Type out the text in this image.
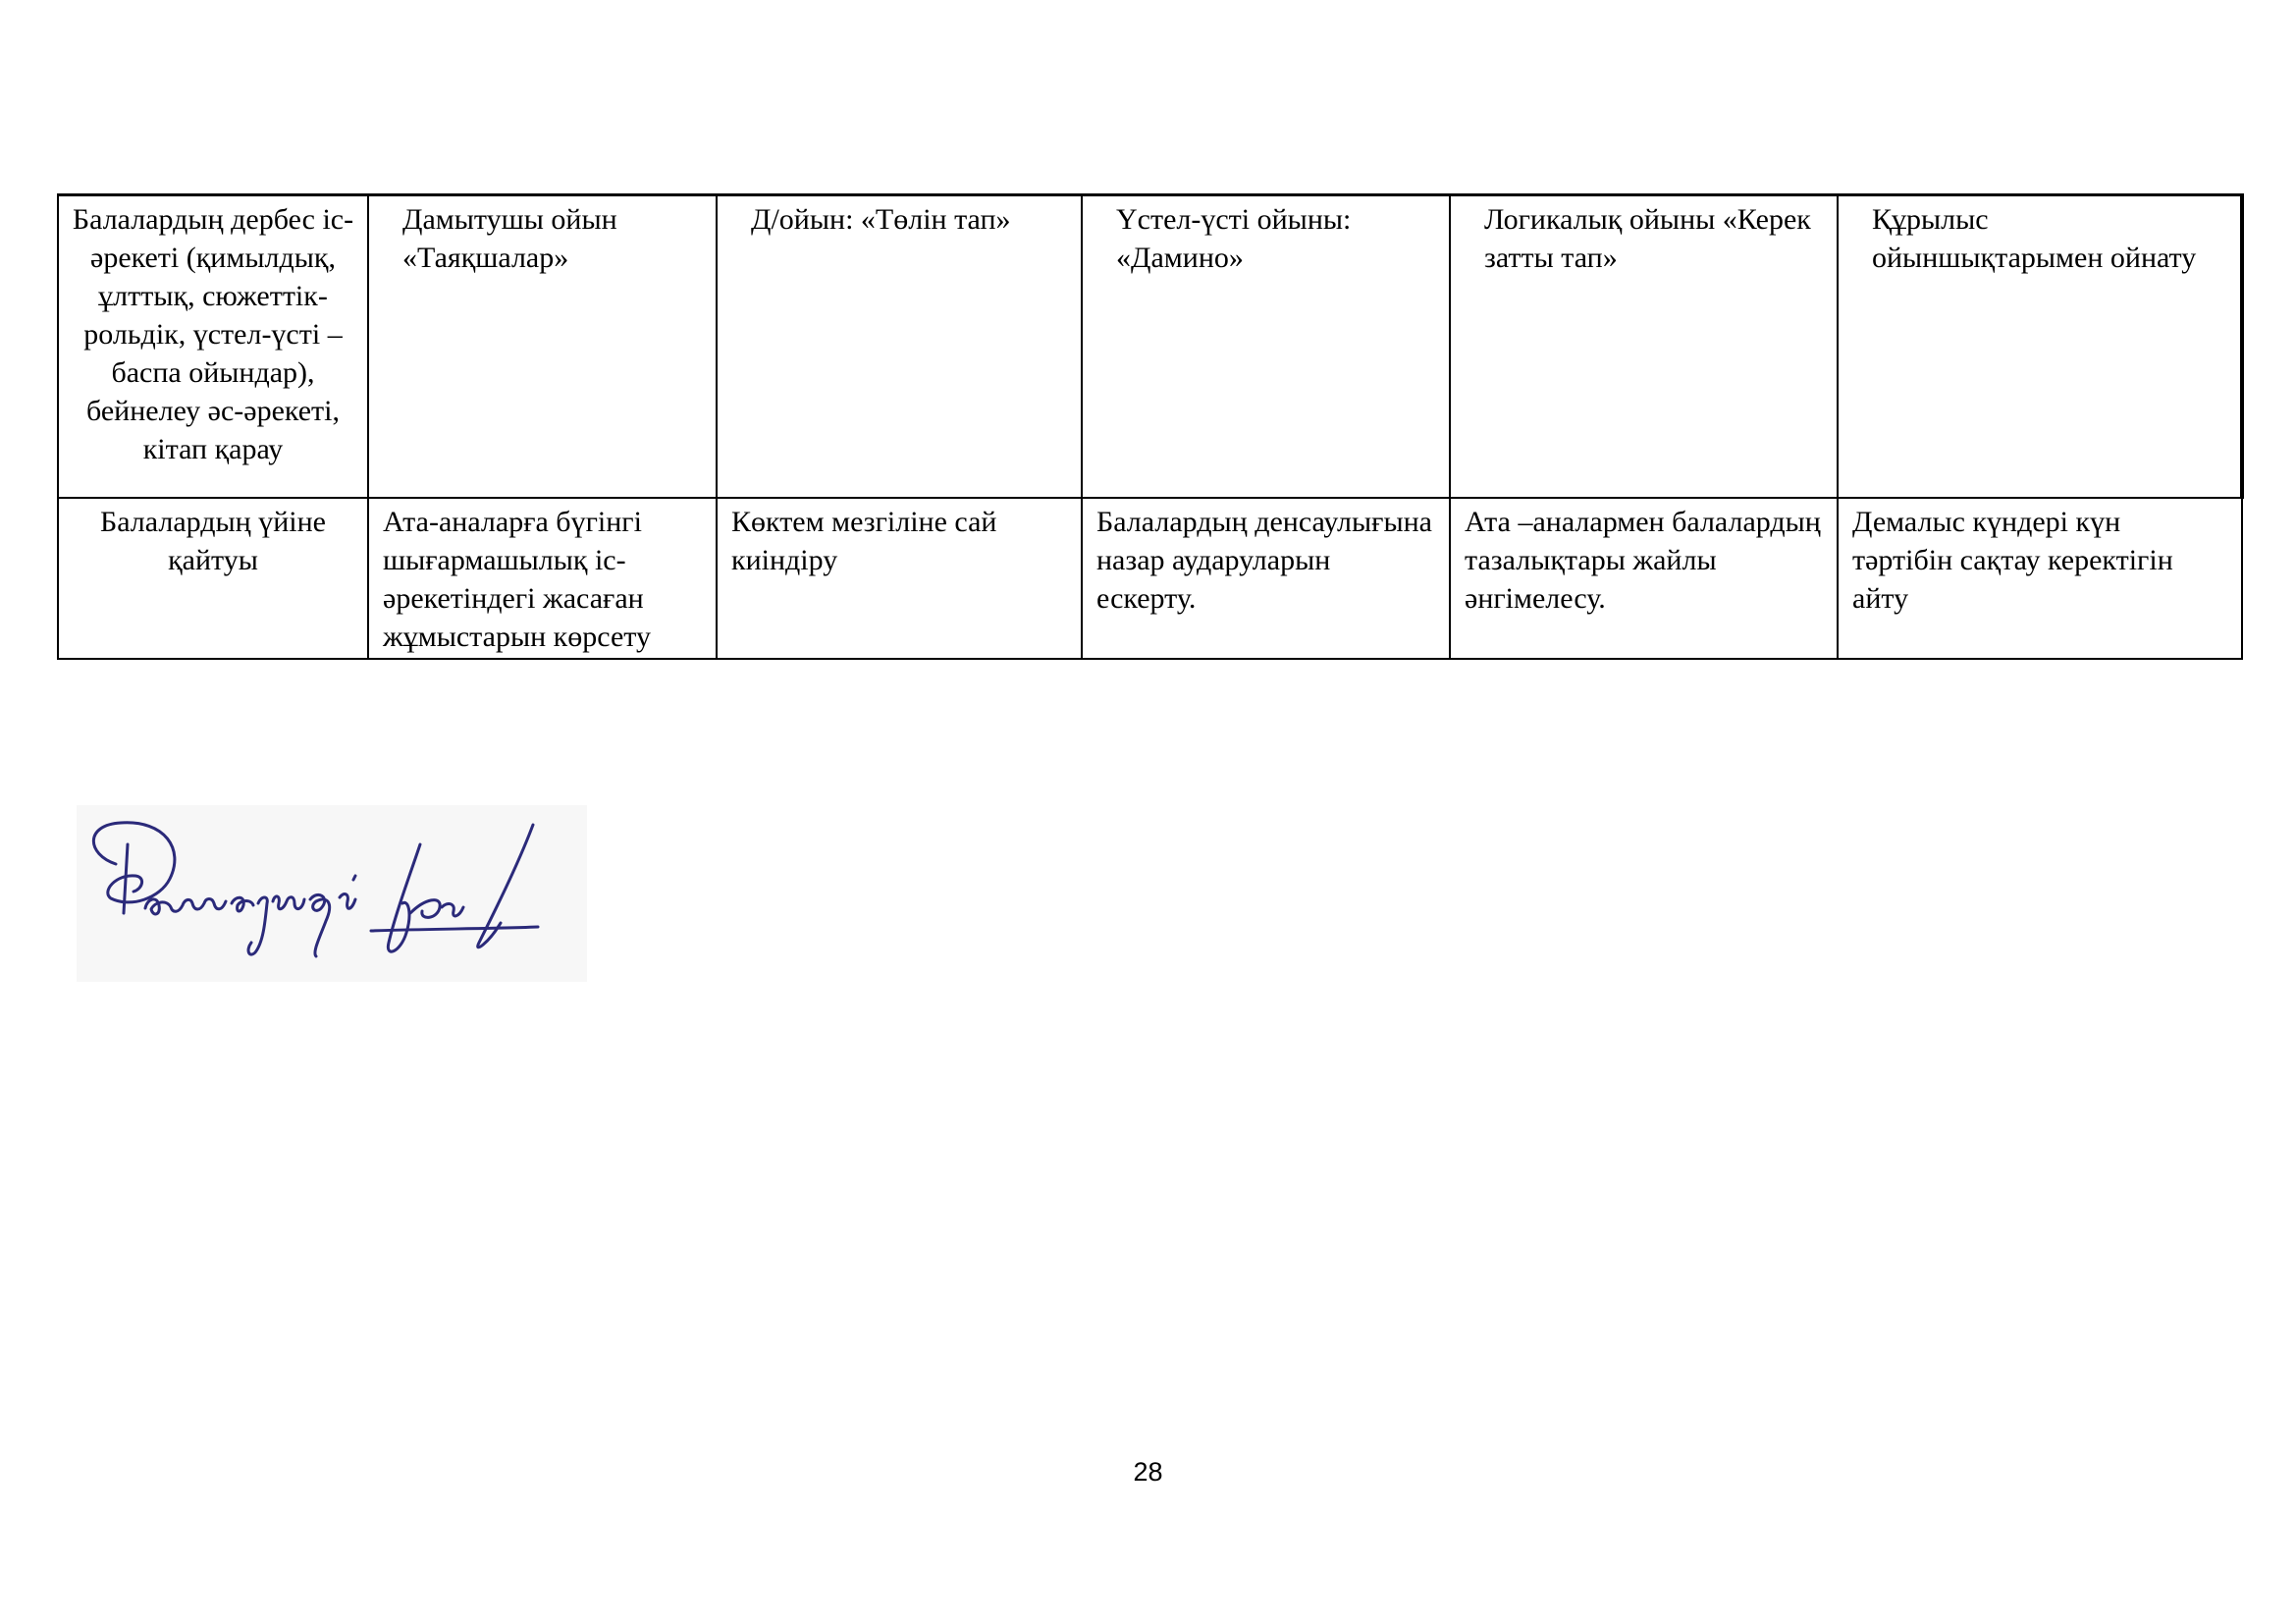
Балалардың дербес іс-әрекеті (қимылдық, ұлттық, сюжеттік-рольдік, үстел-үсті –баспа ойындар), бейнелеу әс-әрекеті, кітап қарау	Дамытушы ойын «Таяқшалар»	Д/ойын: «Төлін тап»	Үстел-үсті ойыны: «Дамино»	Логикалық ойыны «Керек затты тап»	Құрылыс ойыншықтарымен ойнату
Балалардың үйіне қайтуы	Ата-аналарға бүгінгі шығармашылық іс-әрекетіндегі жасаған жұмыстарын көрсету	Көктем мезгіліне сай киіндіру	Балалардың денсаулығына назар аударуларын ескерту.	Ата –аналармен балалардың тазалықтары жайлы әнгімелесу.	Демалыс күндері күн тәртібін сақтау керектігін айту
28
